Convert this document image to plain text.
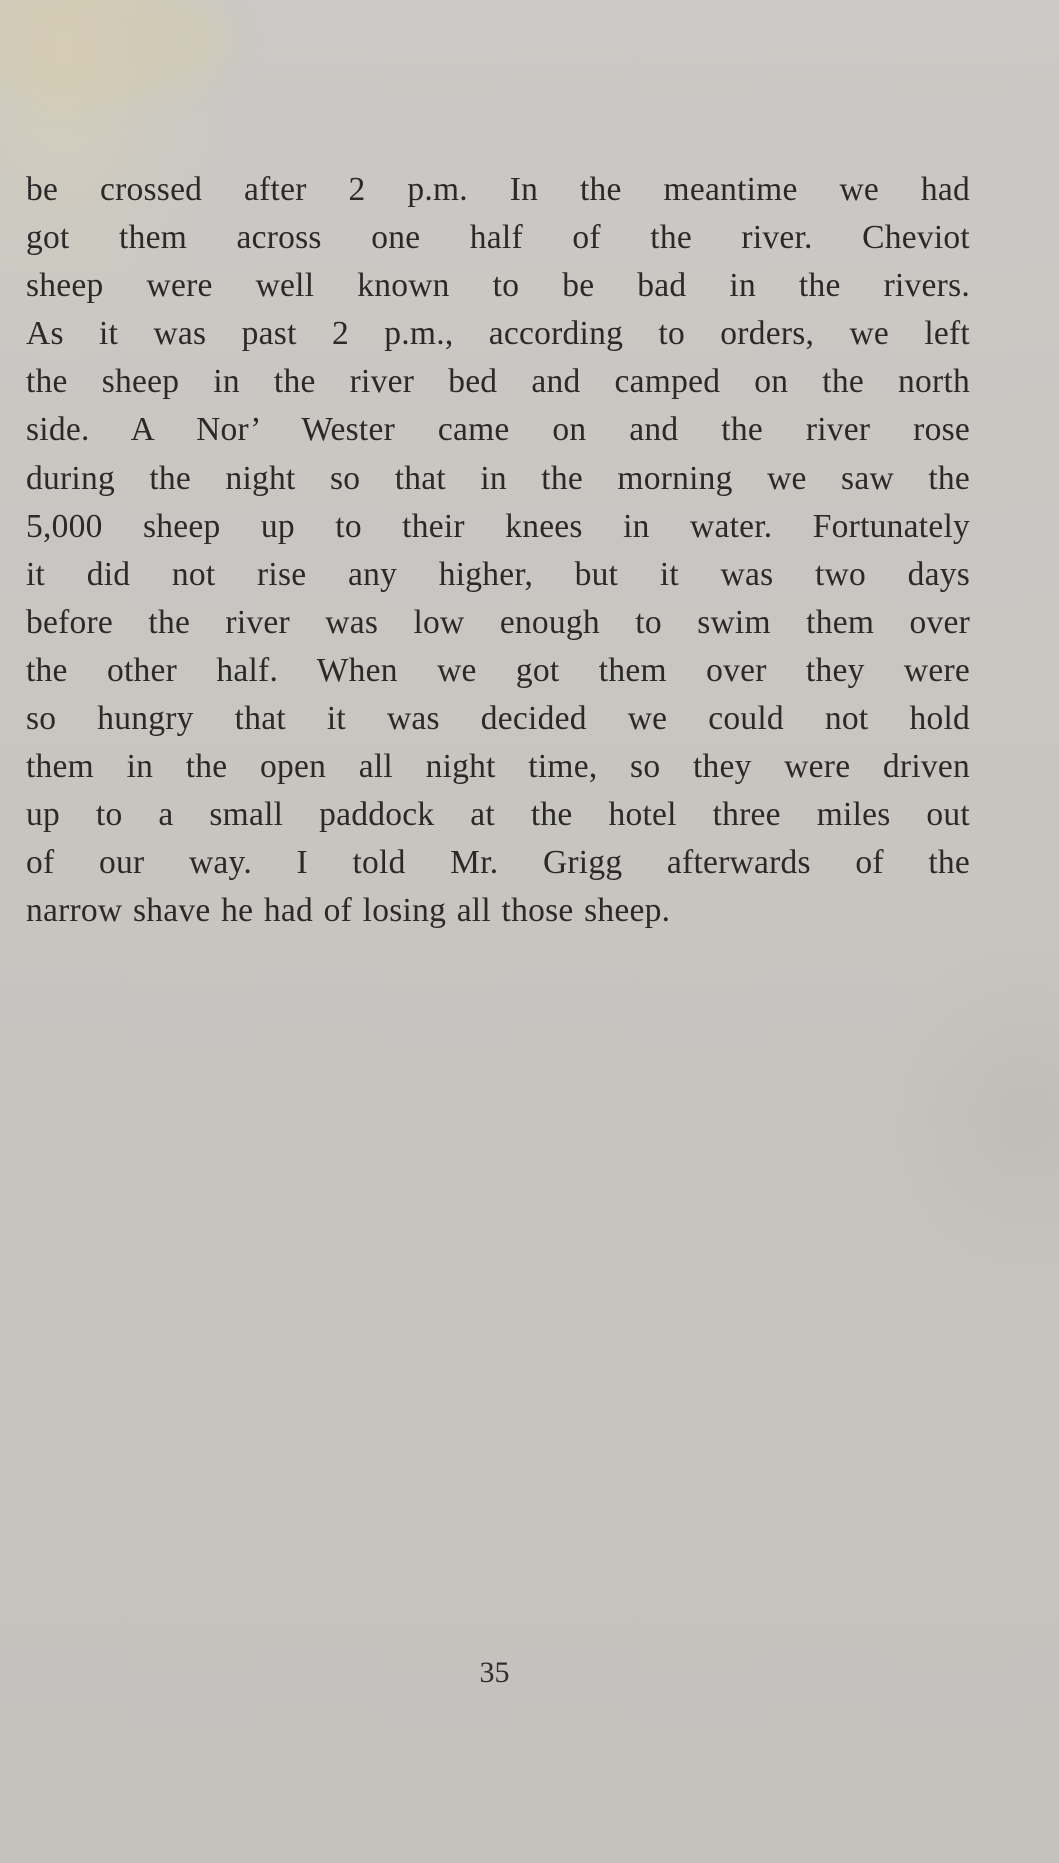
be crossed after 2 p.m. In the meantime we had
got them across one half of the river. Cheviot
sheep were well known to be bad in the rivers.
As it was past 2 p.m., according to orders, we left
the sheep in the river bed and camped on the north
side. A Nor’ Wester came on and the river rose
during the night so that in the morning we saw the
5,000 sheep up to their knees in water. Fortunately
it did not rise any higher, but it was two days
before the river was low enough to swim them over
the other half. When we got them over they were
so hungry that it was decided we could not hold
them in the open all night time, so they were driven
up to a small paddock at the hotel three miles out
of our way. I told Mr. Grigg afterwards of the
narrow shave he had of losing all those sheep.
35
